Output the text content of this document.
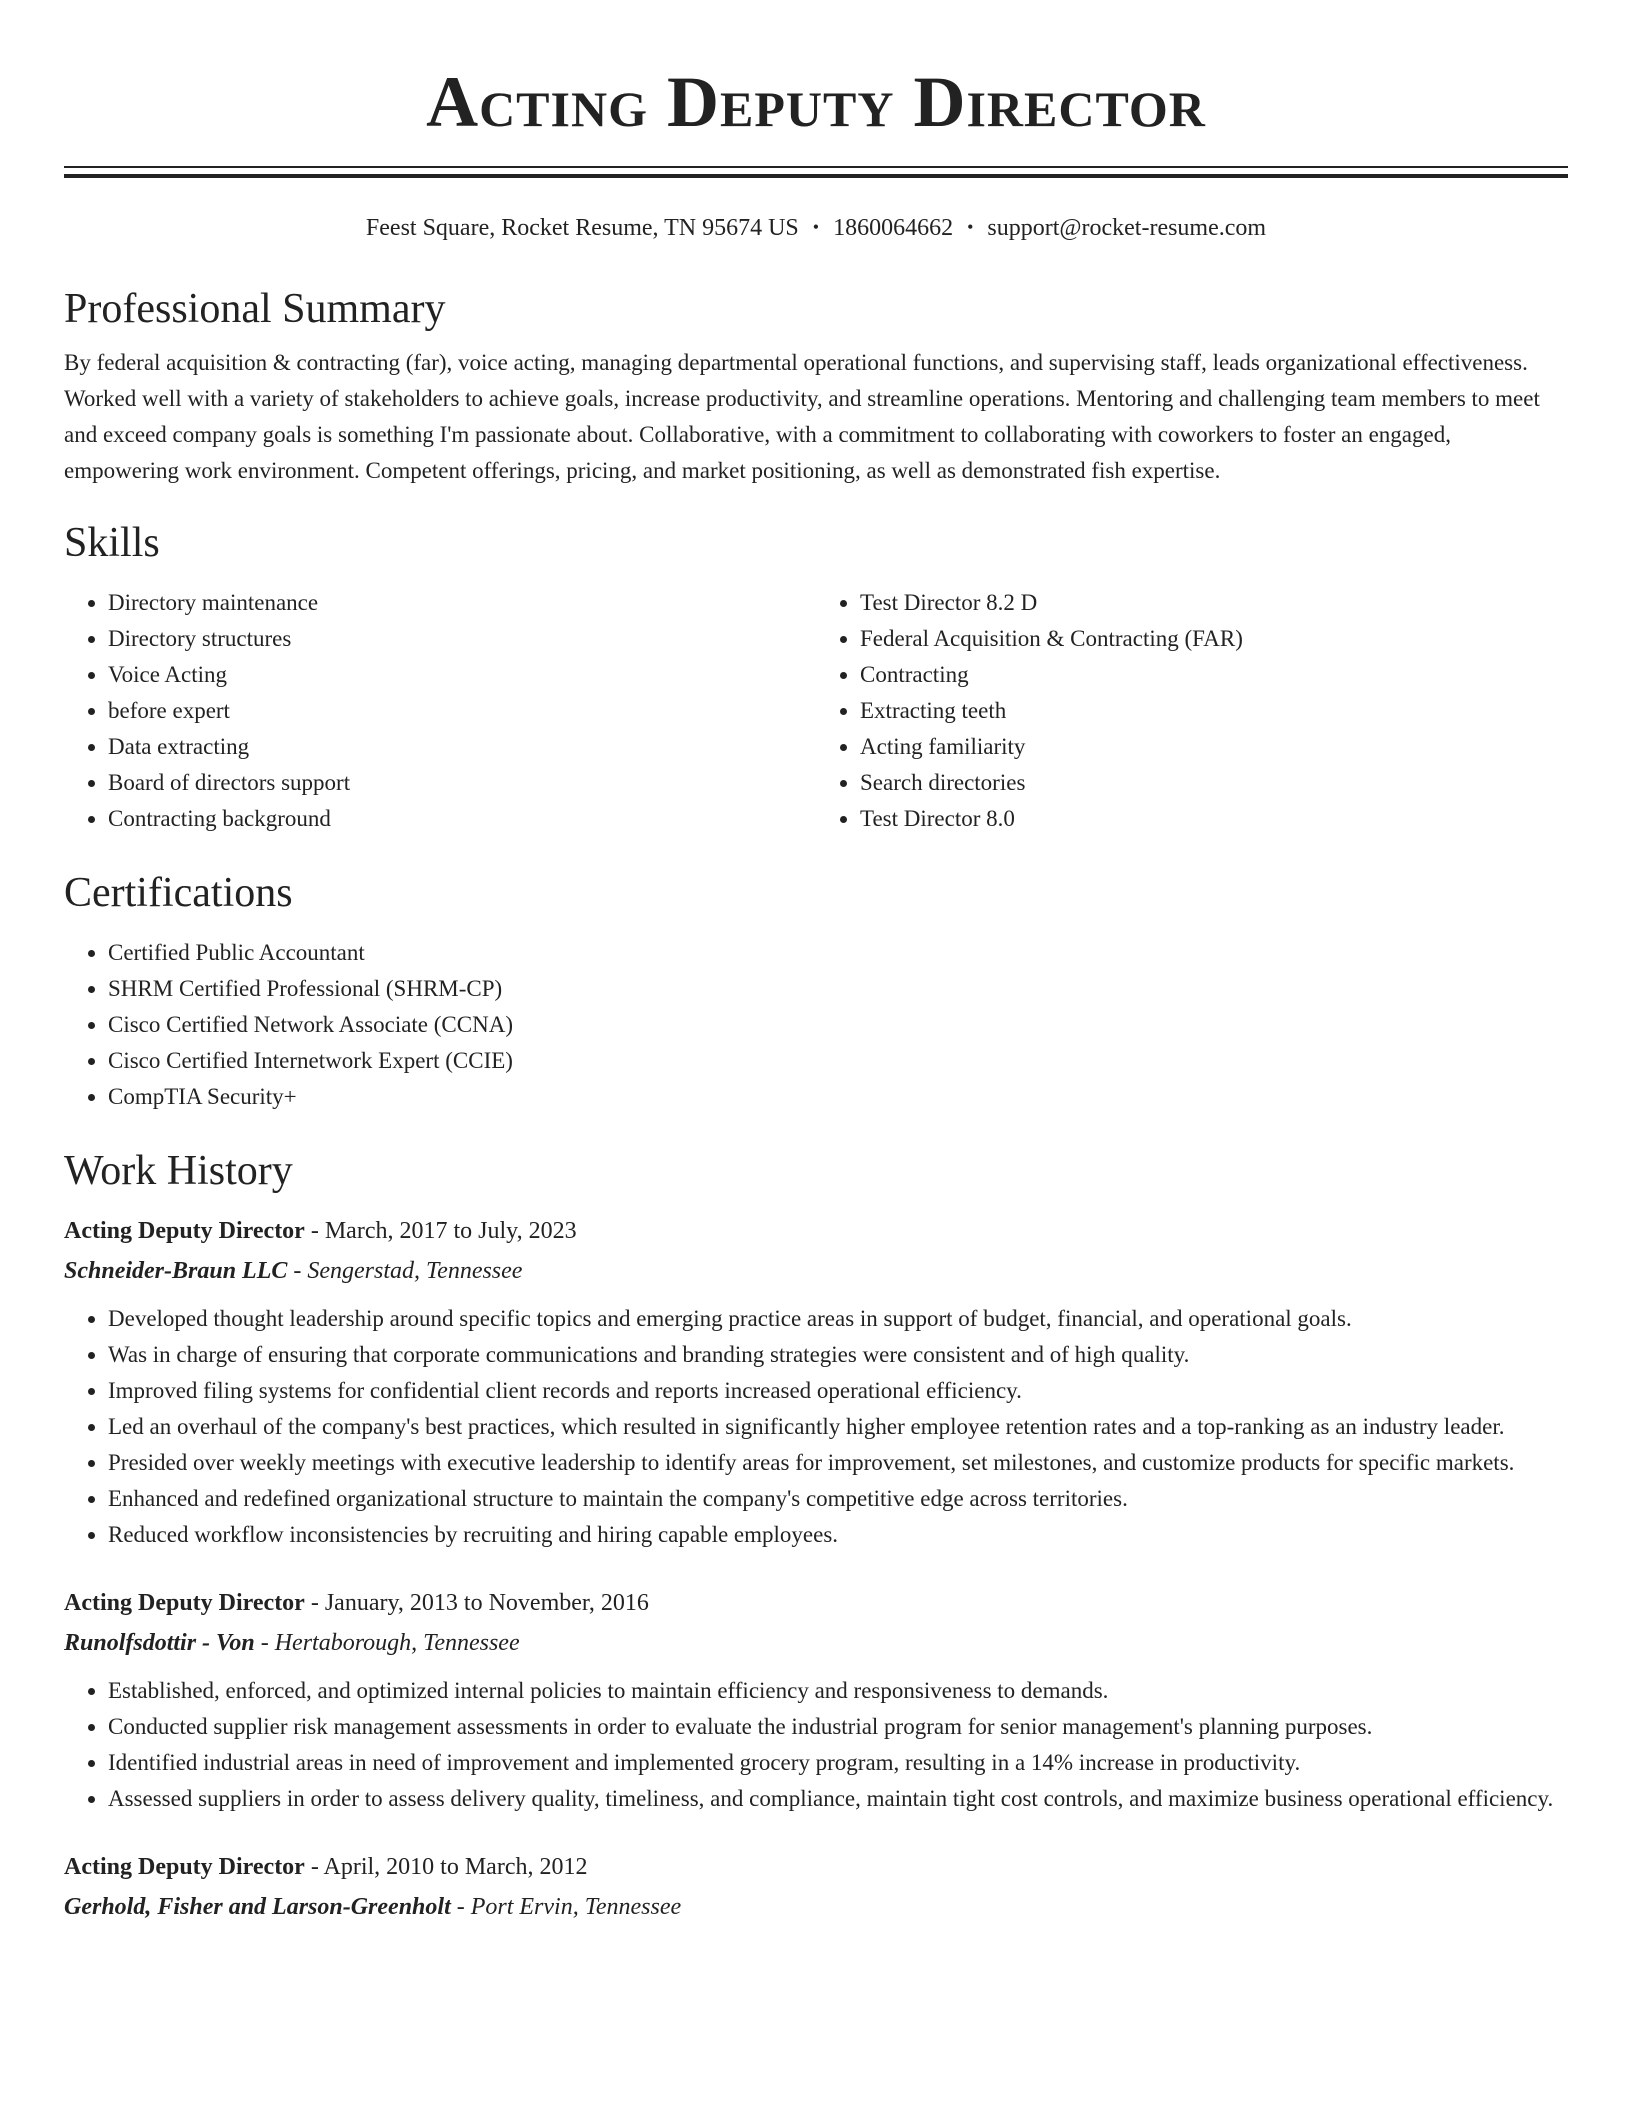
Acting Deputy Director
Feest Square, Rocket Resume, TN 95674 US • 1860064662 • support@rocket-resume.com
Professional Summary

By federal acquisition & contracting (far), voice acting, managing departmental operational functions, and supervising staff, leads organizational effectiveness. Worked well with a variety of stakeholders to achieve goals, increase productivity, and streamline operations. Mentoring and challenging team members to meet and exceed company goals is something I'm passionate about. Collaborative, with a commitment to collaborating with coworkers to foster an engaged, empowering work environment. Competent offerings, pricing, and market positioning, as well as demonstrated fish expertise.

Skills
• Directory maintenance
• Directory structures
• Voice Acting
• before expert
• Data extracting
• Board of directors support
• Contracting background
• Test Director 8.2 D
• Federal Acquisition & Contracting (FAR)
• Contracting
• Extracting teeth
• Acting familiarity
• Search directories
• Test Director 8.0
Certifications
• Certified Public Accountant
• SHRM Certified Professional (SHRM-CP)
• Cisco Certified Network Associate (CCNA)
• Cisco Certified Internetwork Expert (CCIE)
• CompTIA Security+
Work History
Acting Deputy Director - March, 2017 to July, 2023
Schneider-Braun LLC - Sengerstad, Tennessee
• Developed thought leadership around specific topics and emerging practice areas in support of budget, financial, and operational goals.
• Was in charge of ensuring that corporate communications and branding strategies were consistent and of high quality.
• Improved filing systems for confidential client records and reports increased operational efficiency.
• Led an overhaul of the company's best practices, which resulted in significantly higher employee retention rates and a top-ranking as an industry leader.
• Presided over weekly meetings with executive leadership to identify areas for improvement, set milestones, and customize products for specific markets.
• Enhanced and redefined organizational structure to maintain the company's competitive edge across territories.
• Reduced workflow inconsistencies by recruiting and hiring capable employees.
Acting Deputy Director - January, 2013 to November, 2016
Runolfsdottir - Von - Hertaborough, Tennessee
• Established, enforced, and optimized internal policies to maintain efficiency and responsiveness to demands.
• Conducted supplier risk management assessments in order to evaluate the industrial program for senior management's planning purposes.
• Identified industrial areas in need of improvement and implemented grocery program, resulting in a 14% increase in productivity.
• Assessed suppliers in order to assess delivery quality, timeliness, and compliance, maintain tight cost controls, and maximize business operational efficiency.
Acting Deputy Director - April, 2010 to March, 2012
Gerhold, Fisher and Larson-Greenholt - Port Ervin, Tennessee
